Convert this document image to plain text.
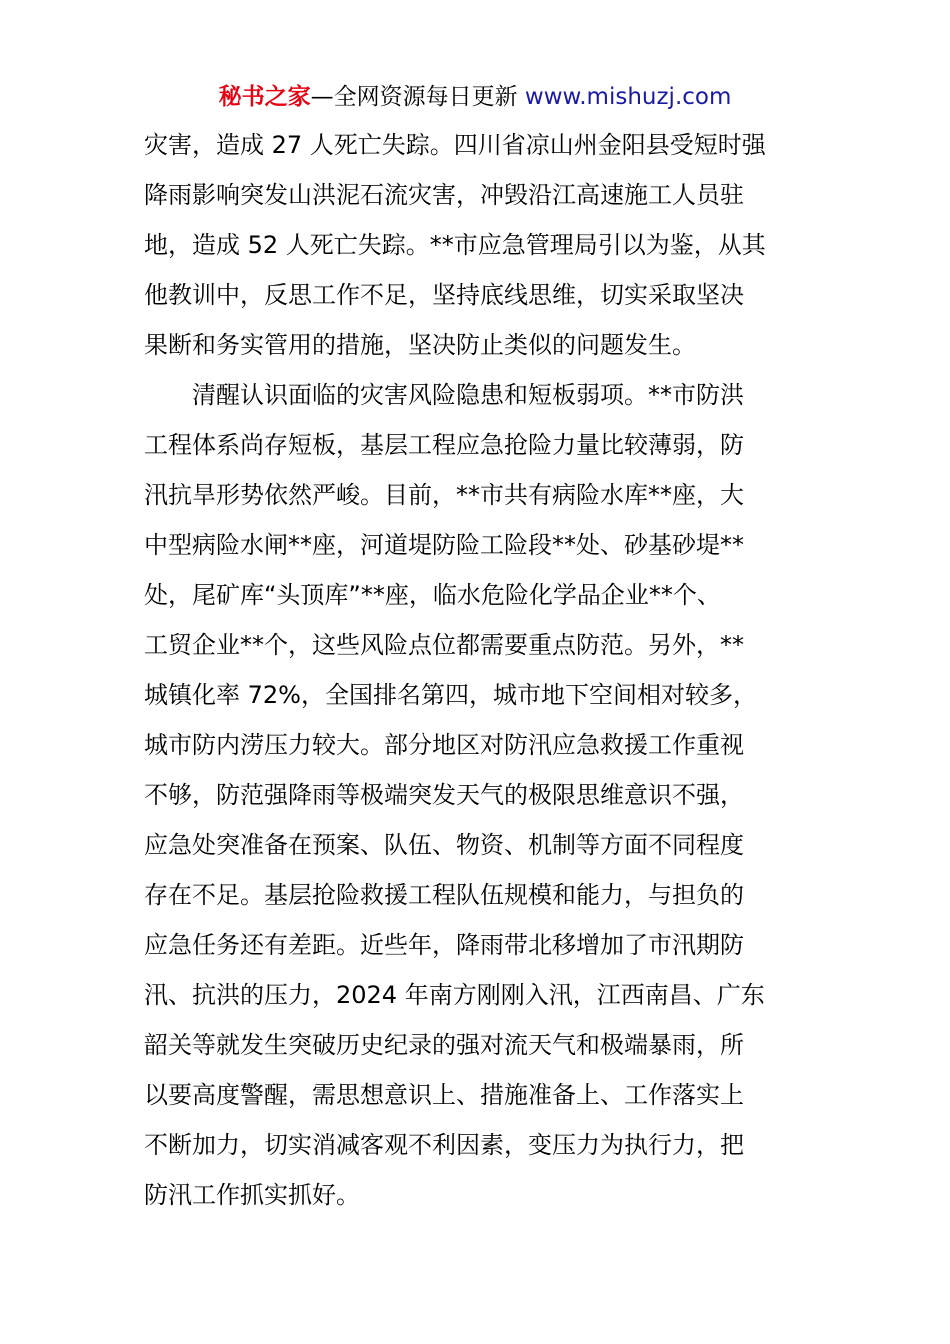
秘书之家—全网资源每日更新 www.mishuzj.com
灾害，造成 27 人死亡失踪。四川省凉山州金阳县受短时强
降雨影响突发山洪泥石流灾害，冲毁沿江高速施工人员驻
地，造成 52 人死亡失踪。**市应急管理局引以为鉴，从其
他教训中，反思工作不足，坚持底线思维，切实采取坚决
果断和务实管用的措施，坚决防止类似的问题发生。
清醒认识面临的灾害风险隐患和短板弱项。**市防洪
工程体系尚存短板，基层工程应急抢险力量比较薄弱，防
汛抗旱形势依然严峻。目前，**市共有病险水库**座，大
中型病险水闸**座，河道堤防险工险段**处、砂基砂堤**
处，尾矿库“头顶库”**座，临水危险化学品企业**个、
工贸企业**个，这些风险点位都需要重点防范。另外，**
城镇化率 72%，全国排名第四，城市地下空间相对较多，
城市防内涝压力较大。部分地区对防汛应急救援工作重视
不够，防范强降雨等极端突发天气的极限思维意识不强，
应急处突准备在预案、队伍、物资、机制等方面不同程度
存在不足。基层抢险救援工程队伍规模和能力，与担负的
应急任务还有差距。近些年，降雨带北移增加了市汛期防
汛、抗洪的压力，2024 年南方刚刚入汛，江西南昌、广东
韶关等就发生突破历史纪录的强对流天气和极端暴雨，所
以要高度警醒，需思想意识上、措施准备上、工作落实上
不断加力，切实消减客观不利因素，变压力为执行力，把
防汛工作抓实抓好。
